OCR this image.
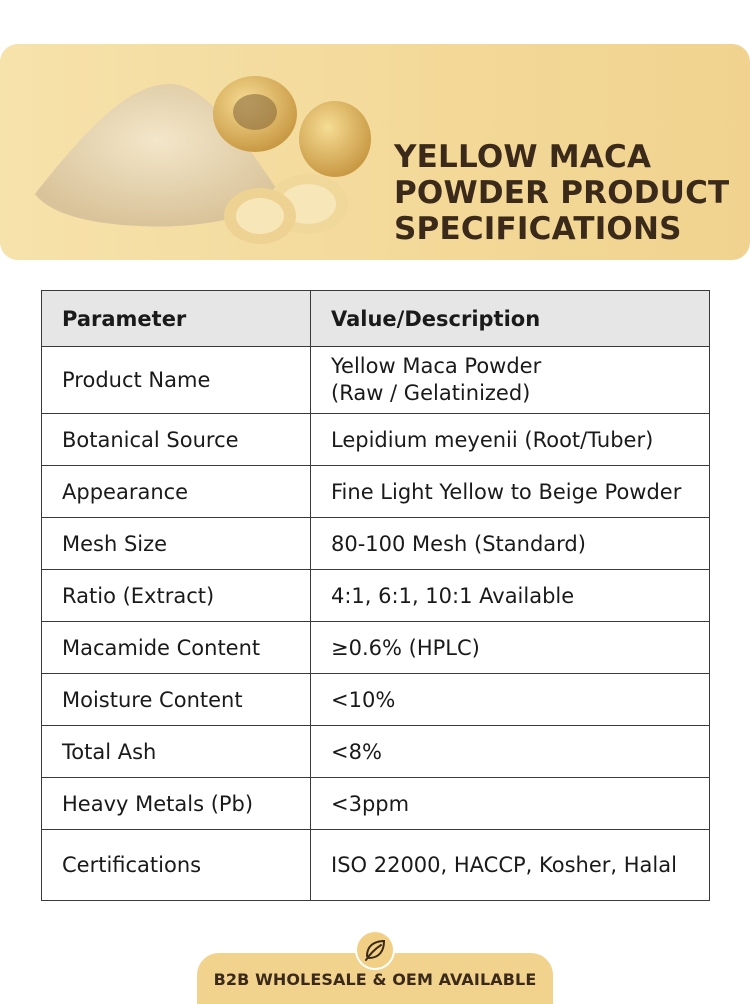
YELLOW MACA
POWDER PRODUCT
SPECIFICATIONS
Parameter	Value/Description
Product Name	Yellow Maca Powder
(Raw / Gelatinized)

Botanical Source	Lepidium meyenii (Root/Tuber)
Appearance	Fine Light Yellow to Beige Powder
Mesh Size	80-100 Mesh (Standard)
Ratio (Extract)	4:1, 6:1, 10:1 Available
Macamide Content	≥0.6% (HPLC)
Moisture Content	<10%
Total Ash	<8%
Heavy Metals (Pb)	<3ppm
Certifications	ISO 22000, HACCP, Kosher, Halal
B2B WHOLESALE & OEM AVAILABLE
